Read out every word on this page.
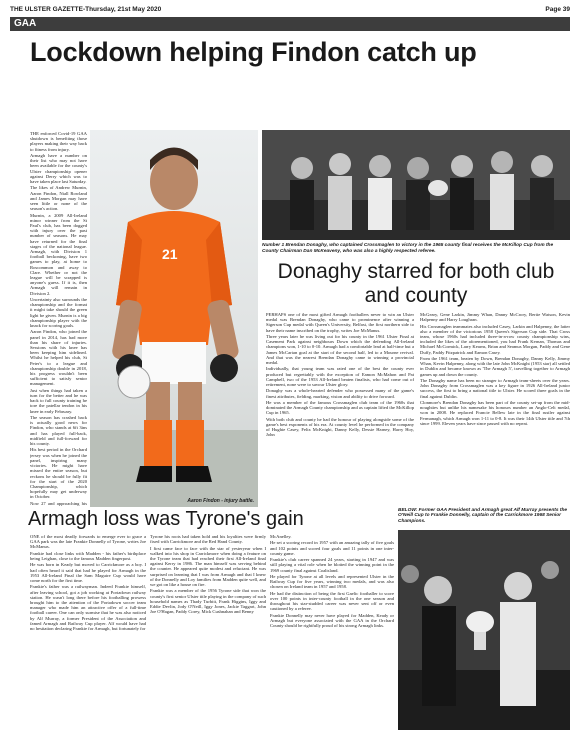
THE ULSTER GAZETTE-Thursday, 21st May 2020	Page 39
GAA
Lockdown helping Findon catch up

THE enforced Covid-19 GAA shutdown is benefiting those players making their way back to fitness from injury.

Armagh have a number on their list who may not have been available for the county's Ulster championship opener against Derry which was to have taken place last Saturday.

The likes of Andrew Murnin, Aaron Findon, Niall Rowland and James Morgan may have seen little or none of the season's action.

Murnin, a 2009 All-Ireland minor winner from the St Paul's club, has been dogged with injury over the past number of seasons. He may have returned for the final stages of the national league. Armagh, with Division 1 football beckoning, have two games to play, at home to Roscommon and away to Clare. Whether or not the league will be scrapped is anyone's guess. If it is, then Armagh will remain in Division 2.

Uncertainty also surrounds the championship and the format it might take should the green light be given. Murnin is a big championship player with the knack for scoring goals.

Aaron Findon, who joined the panel in 2014, has had more than his share of injuries. Sessions with his knee has been keeping him sidelined. Whilst he helped his club, St Peter's to a league and championship double in 2018, his progress wouldn't been sufficient to satisfy senior management.

Just when things had taken a turn for the better and he was back to full county training he tore the patellar tendon in his knee in early February.

The season has crashed back is actually good news for Findon, who stands at 6ft 3ins and has played full-back, midfield and full-forward for his county.

His best period in the Orchard jersey was when he joined the panel, inspiring many victories. He might have missed the entire season, but reckons he should be fully fit for the start of the 2020 Championship, which hopefully may get underway in October.

Now 27 and approaching his

21
Aaron Findon - injury battle.
Number 1 Brendan Donaghy, who captained Crossmaglen to victory in the 1965 county final receives the McKillop Cup from the County Chairman Dan McKeaveny, who was also a highly respected referee.
Donaghy starred for both club and county

PERHAPS one of the most gifted Armagh footballers never to win an Ulster medal was Brendan Donaghy, who came to prominence after winning a Sigerson Cup medal with Queen's University, Belfast, the first northern side to have their name inscribed on the trophy, writes Joe McManus.

Three years later he was living out for his county in the 1961 Ulster Final at Casement Park against neighbours Down which the defending All-Ireland champions won, 1-10 to 0-10. Armagh had a comfortable lead at half-time but a James McCartan goal at the start of the second half, led to a Mourne revival. And that was the nearest Brendan Donaghy came to winning a provincial medal.

Individually, that young team was rated one of the best the county ever produced but regrettably with the exception of Eamon McMahon and Pat Campbell, two of the 1953 All-Ireland beaten finalists, who had come out of retirement, none were to savour Ulster glory.

Donaghy was a whole-hearted defender who possessed many of the game's finest attributes, fielding, marking, vision and ability to drive forward.

He was a member of the famous Crossmaglen club team of the 1960s that dominated the Armagh County championship and as captain lifted the McKillop Cup in 1965.

With both club and county he had the honour of playing alongside some of the game's best exponents of his era. At county level he performed in the company of Hughie Casey, Felix McKnight, Danny Kelly, Dessie Harney, Harry Hoy, John

McGeary, Gene Larkin, Jimmy Whan, Danny McCrory, Bertie Watson, Kevin Halpenny and Harry Loughran.

His Crossmaglen teammates also included Casey, Larkin and Halpenny, the latter also a member of the victorious 1958 Queen's Sigerson Cup side. That Cross team, whose 1960s had included three-in-a-row county championship wins, included the likes of the aforementioned, you had Frank Kernan, Thomas and Michael McCormick, Larry Kearns, Brian and Seamus Morgan, Paddy and Gene Duffy, Paddy Fitzpatrick and Eamon Casey.

From the 1961 team, beaten by Down, Brendan Donaghy, Danny Kelly, Jimmy Whan, Kevin Halpenny, along with the late John McKnight (1953 star) all settled in Dublin and became known as 'The Armagh 5', travelling together to Armagh games up and down the county.

The Donaghy name has been no stranger to Armagh team-sheets over the years. John Donaghy from Crossmaglen was a key figure in 1926 All-Ireland junior success, the first to bring a national title to Ulster. He scored three goals in the final against Dublin.

Clonmore's Brendan Donaghy has been part of the county set-up from the mid-noughties but unlike his namesake his honours number an Anglo-Celt medal, won in 2008. He replaced Francie Bellew late in the final rustler against Fermanagh, which Armagh won 1-11 to 0-8. It was their 14th Ulster title and 7th since 1999. Eleven years have since passed with no repeat.

Armagh loss was Tyrone's gain	BELOW: Former GAA President and Armagh great Alf Murray presents the O'Neill Cup to Frankie Donnelly, captain of the Carrickmore 1968 Senior Champions.

ONE of the most deadly forwards to emerge ever to grace a GAA park was the late Frankie Donnelly of Tyrone, writes Joe McManus.

Frankie had close links with Madden - his father's birthplace being Leighan, close to the famous Madden fingerpost.

He was born in Keady but moved to Carrickmore as a boy. I had often heard it said that had he played for Armagh in the 1953 All-Ireland Final the Sam Maguire Cup would have come north for the first time.

Frankie's father was a railwayman. Indeed Frankie himself, after leaving school, got a job working at Portadown railway station. He wasn't long there before his footballing prowess brought him to the attention of the Portadown soccer team manager who made him an attractive offer of a full-time football career. One can only surmise that he was also noticed by Alf Murray, a former President of the Association and famed Armagh and Railway Cup player. Alf would have had no hesitation declaring Frankie for Armagh, but fortunately for

Tyrone his roots had taken hold and his loyalties were firmly fixed with Carrickmore and the Red Hand County.

I first came face to face with the star of yesteryear when I walked into his shop in Carrickmore when doing a feature on the Tyrone team that had reached their first All-Ireland final against Kerry in 1986. The man himself was serving behind the counter. He appeared quite modest and reluctant. He was surprised on learning that I was from Armagh and that I knew of the Donnelly and Loy families from Madden quite well, and we got on like a house on fire.

Frankie was a member of the 1956 Tyrone side that won the county's first senior Ulster title playing in the company of such household names as Thady Turbitt, Frank Higgins, Iggy and Eddie Devlin, Jody O'Neill, Iggy Jones, Jackie Taggart, John Joe O'Hagan, Paddy Corey, Mick Cushnahan and Benny

McAnelley.

He set a scoring record in 1957 with an amazing tally of five goals and 102 points and scored four goals and 11 points in one inter-county game.

Frankie's club career spanned 24 years, starting in 1947 and was still playing a vital role when he blotted the winning point in the 1969 county final against Coalisland.

He played for Tyrone at all levels and represented Ulster in the Railway Cup for five years, winning two medals, and was also chosen on Ireland team in 1957 and 1958.

He had the distinction of being the first Gaelic footballer to score over 100 points in inter-county football in the one season and throughout his star-studded career was never sent off or even cautioned by a referee.

Frankie Donnelly may never have played for Madden, Keady or Armagh but everyone associated with the GAA in the Orchard County should be rightfully proud of his strong Armagh links.
